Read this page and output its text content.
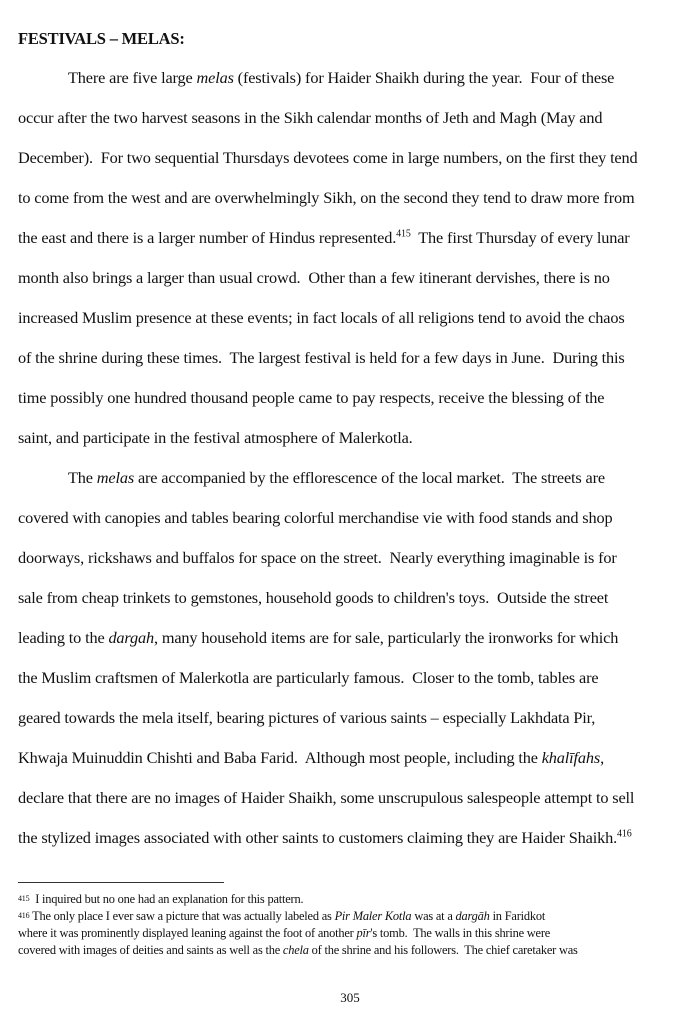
FESTIVALS – MELAS:
There are five large melas (festivals) for Haider Shaikh during the year.  Four of these
occur after the two harvest seasons in the Sikh calendar months of Jeth and Magh (May and
December).  For two sequential Thursdays devotees come in large numbers, on the first they tend
to come from the west and are overwhelmingly Sikh, on the second they tend to draw more from
the east and there is a larger number of Hindus represented.$^{415}$  The first Thursday of every lunar
month also brings a larger than usual crowd.  Other than a few itinerant dervishes, there is no
increased Muslim presence at these events; in fact locals of all religions tend to avoid the chaos
of the shrine during these times.  The largest festival is held for a few days in June.  During this
time possibly one hundred thousand people came to pay respects, receive the blessing of the
saint, and participate in the festival atmosphere of Malerkotla.
The melas are accompanied by the efflorescence of the local market.  The streets are
covered with canopies and tables bearing colorful merchandise vie with food stands and shop
doorways, rickshaws and buffalos for space on the street.  Nearly everything imaginable is for
sale from cheap trinkets to gemstones, household goods to children's toys.  Outside the street
leading to the dargah, many household items are for sale, particularly the ironworks for which
the Muslim craftsmen of Malerkotla are particularly famous.  Closer to the tomb, tables are
geared towards the mela itself, bearing pictures of various saints – especially Lakhdata Pir,
Khwaja Muinuddin Chishti and Baba Farid.  Although most people, including the khalīfahs,
declare that there are no images of Haider Shaikh, some unscrupulous salespeople attempt to sell
the stylized images associated with other saints to customers claiming they are Haider Shaikh.$^{416}$
$^{415}$  I inquired but no one had an explanation for this pattern.
$^{416}$ The only place I ever saw a picture that was actually labeled as Pir Maler Kotla was at a dargāh in Faridkot
where it was prominently displayed leaning against the foot of another pīr's tomb.  The walls in this shrine were
covered with images of deities and saints as well as the chela of the shrine and his followers.  The chief caretaker was
305
